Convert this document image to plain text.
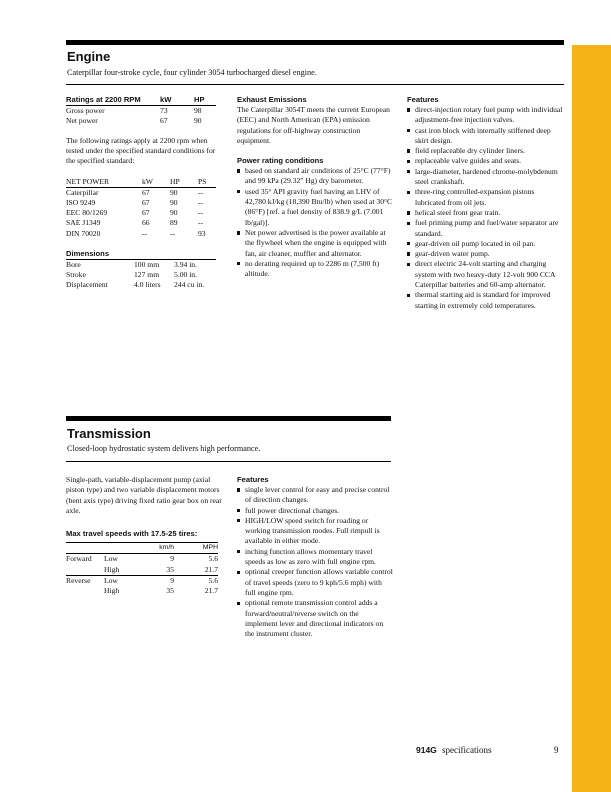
Engine
Caterpillar four-stroke cycle, four cylinder 3054 turbocharged diesel engine.
Ratings at 2200 RPM	kW	HP
Gross power	73	98
Net power	67	90
The following ratings apply at 2200 rpm when tested under the specified standard conditions for the specified standard:
NET POWER	kW	HP	PS
Caterpillar	67	90	--
ISO 9249	67	90	--
EEC 80/1269	67	90	--
SAE J1349	66	89	--
DIN 70020	--	--	93
Dimensions
Bore	100 mm	3.94 in.
Stroke	127 mm	5.00 in.
Displacement	4.0 liters	244 cu in.
Exhaust Emissions
The Caterpillar 3054T meets the current European (EEC) and North American (EPA) emission regulations for off-highway construction equipment.
Power rating conditions
based on standard air conditions of 25°C (77°F) and 99 kPa (29.32" Hg) dry barometer.
used 35° API gravity fuel having an LHV of 42,780 kJ/kg (18,390 Btu/lb) when used at 30°C (86°F) [ref. a fuel density of 838.9 g/L (7.001 lb/gal)].
Net power advertised is the power available at the flywheel when the engine is equipped with fan, air cleaner, muffler and alternator.
no derating required up to 2286 m (7,500 ft) altitude.
Features
direct-injection rotary fuel pump with individual adjustment-free injection valves.
cast iron block with internally stiffened deep skirt design.
field replaceable dry cylinder liners.
replaceable valve guides and seats.
large-diameter, hardened chrome-molybdenum steel crankshaft.
three-ring controlled-expansion pistons lubricated from oil jets.
helical steel front gear train.
fuel priming pump and fuel/water separator are standard.
gear-driven oil pump located in oil pan.
gear-driven water pump.
direct electric 24-volt starting and charging system with two heavy-duty 12-volt 900 CCA Caterpillar batteries and 60-amp alternator.
thermal starting aid is standard for improved starting in extremely cold temperatures.
Transmission
Closed-loop hydrostatic system delivers high performance.
Single-path, variable-displacement pump (axial piston type) and two variable displacement motors (bent axis type) driving fixed ratio gear box on rear axle.
Max travel speeds with 17.5-25 tires:
		km/h	MPH
Forward	Low	9	5.6
	High	35	21.7
Reverse	Low	9	5.6
	High	35	21.7
Features
single lever control for easy and precise control of direction changes.
full power directional changes.
HIGH/LOW speed switch for roading or working transmission modes. Full rimpull is available in either mode.
inching function allows momentary travel speeds as low as zero with full engine rpm.
optional creeper function allows variable control of travel speeds (zero to 9 kph/5.6 mph) with full engine rpm.
optional remote transmission control adds a forward/neutral/reverse switch on the implement lever and directional indicators on the instrument cluster.
914G specifications	9
